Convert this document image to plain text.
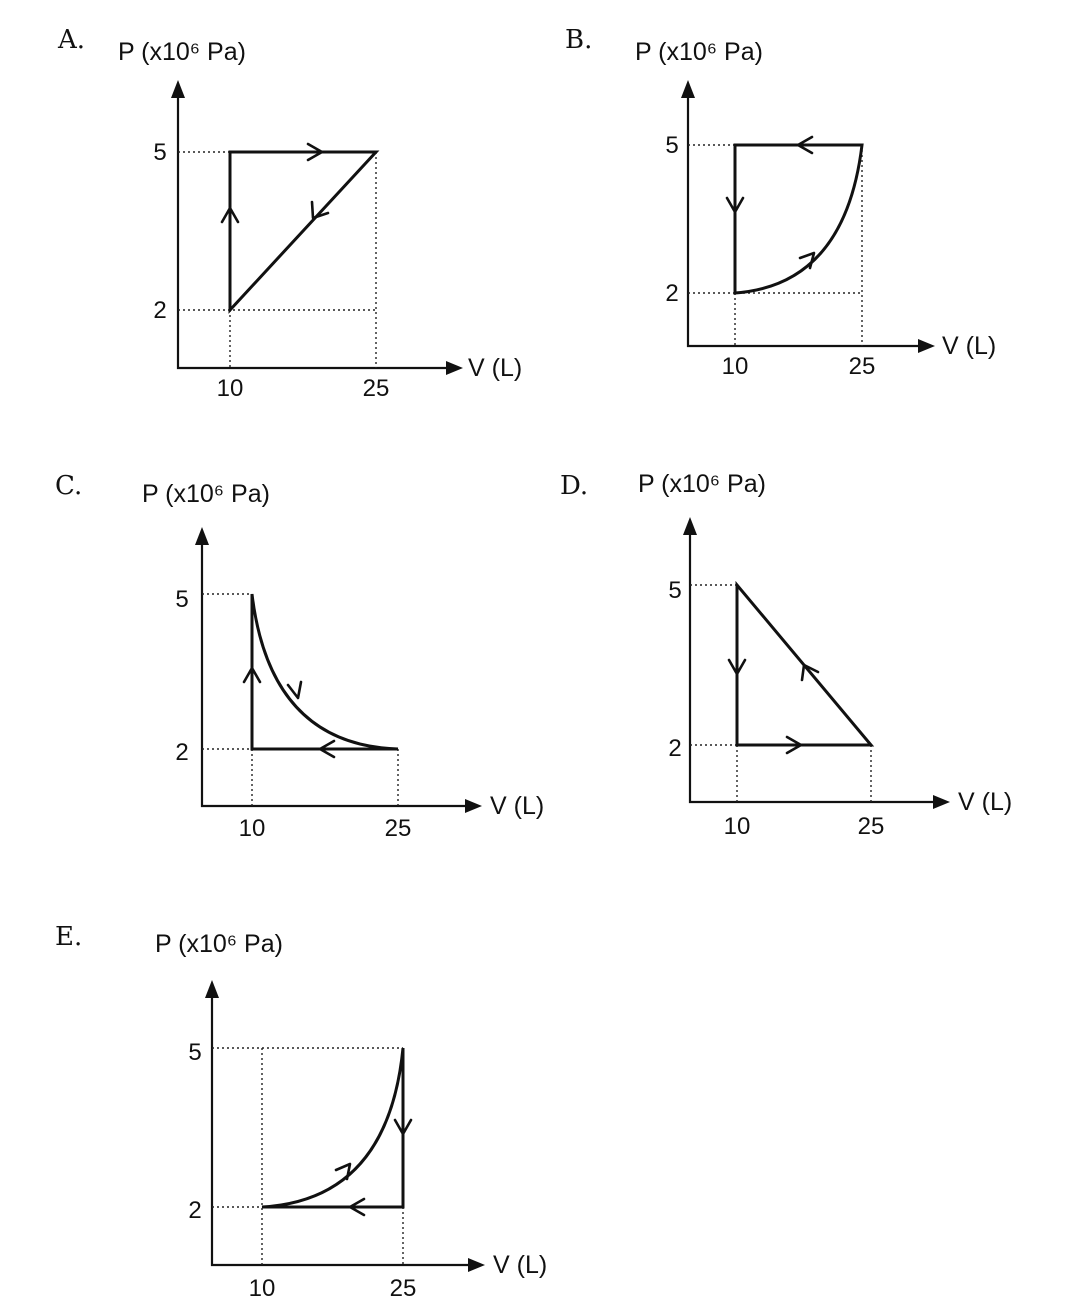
A. P (x10⁶ Pa)
V (L)
5
2
10	25
B. P (x10⁶ Pa)
V (L)
5
2
10	25
C. P (x10⁶ Pa)
V (L)
5
2
10	25
D. P (x10⁶ Pa)
V (L)
5
2
10	25
E.	P (x10⁶ Pa)
V (L)
5
2
10	25
